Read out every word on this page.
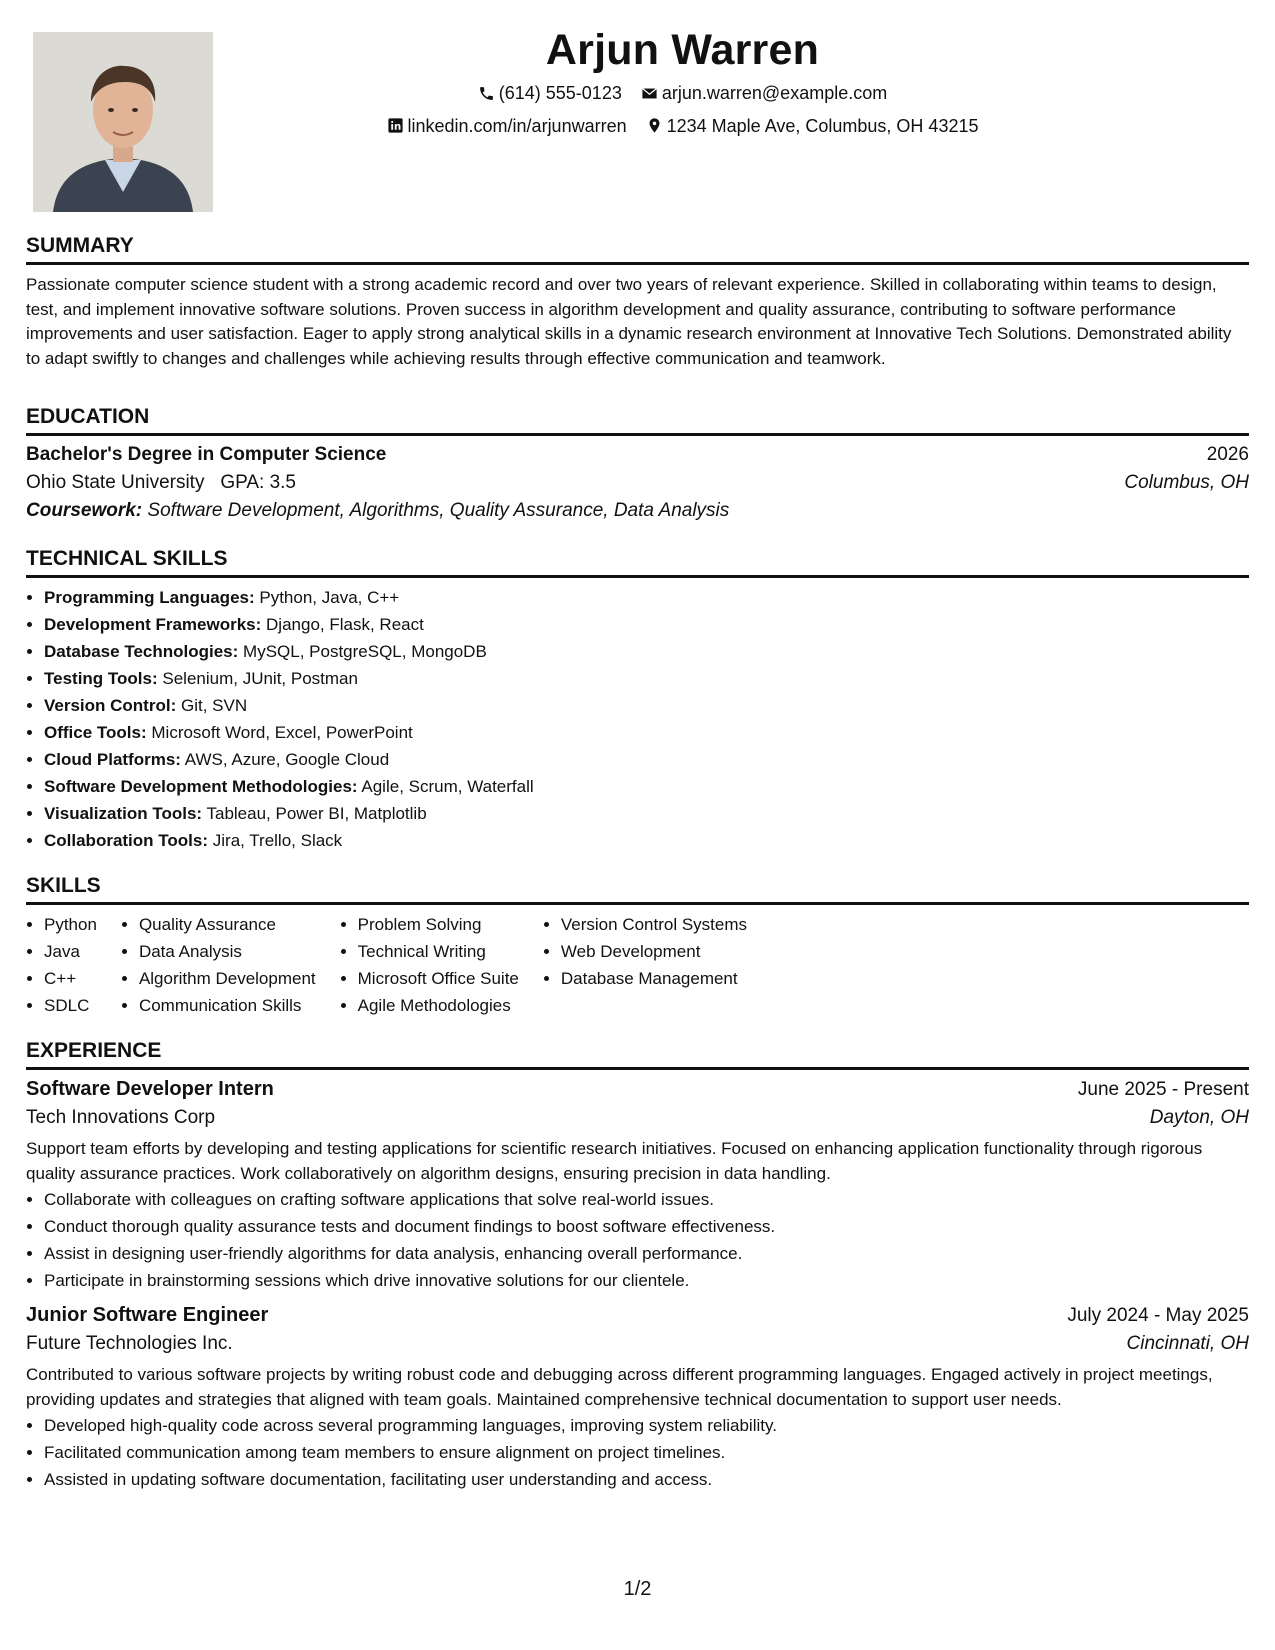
Arjun Warren
(614) 555-0123
arjun.warren@example.com
linkedin.com/in/arjunwarren
1234 Maple Ave, Columbus, OH 43215
SUMMARY

Passionate computer science student with a strong academic record and over two years of relevant experience. Skilled in collaborating within teams to design, test, and implement innovative software solutions. Proven success in algorithm development and quality assurance, contributing to software performance improvements and user satisfaction. Eager to apply strong analytical skills in a dynamic research environment at Innovative Tech Solutions. Demonstrated ability to adapt swiftly to changes and challenges while achieving results through effective communication and teamwork.

EDUCATION
Bachelor's Degree in Computer Science	2026
Ohio State University GPA: 3.5	Columbus, OH
Coursework: Software Development, Algorithms, Quality Assurance, Data Analysis
TECHNICAL SKILLS
• Programming Languages: Python, Java, C++
• Development Frameworks: Django, Flask, React
• Database Technologies: MySQL, PostgreSQL, MongoDB
• Testing Tools: Selenium, JUnit, Postman
• Version Control: Git, SVN
• Office Tools: Microsoft Word, Excel, PowerPoint
• Cloud Platforms: AWS, Azure, Google Cloud
• Software Development Methodologies: Agile, Scrum, Waterfall
• Visualization Tools: Tableau, Power BI, Matplotlib
• Collaboration Tools: Jira, Trello, Slack
SKILLS
• Python
• Java
• C++
• SDLC
• Quality Assurance
• Data Analysis
• Algorithm Development
• Communication Skills
• Problem Solving
• Technical Writing
• Microsoft Office Suite
• Agile Methodologies
• Version Control Systems
• Web Development
• Database Management
EXPERIENCE
Software Developer Intern	June 2025 - Present
Tech Innovations Corp	Dayton, OH

Support team efforts by developing and testing applications for scientific research initiatives. Focused on enhancing application functionality through rigorous quality assurance practices. Work collaboratively on algorithm designs, ensuring precision in data handling.

• Collaborate with colleagues on crafting software applications that solve real-world issues.
• Conduct thorough quality assurance tests and document findings to boost software effectiveness.
• Assist in designing user-friendly algorithms for data analysis, enhancing overall performance.
• Participate in brainstorming sessions which drive innovative solutions for our clientele.
Junior Software Engineer	July 2024 - May 2025
Future Technologies Inc.	Cincinnati, OH

Contributed to various software projects by writing robust code and debugging across different programming languages. Engaged actively in project meetings, providing updates and strategies that aligned with team goals. Maintained comprehensive technical documentation to support user needs.

• Developed high-quality code across several programming languages, improving system reliability.
• Facilitated communication among team members to ensure alignment on project timelines.
• Assisted in updating software documentation, facilitating user understanding and access.
1/2
